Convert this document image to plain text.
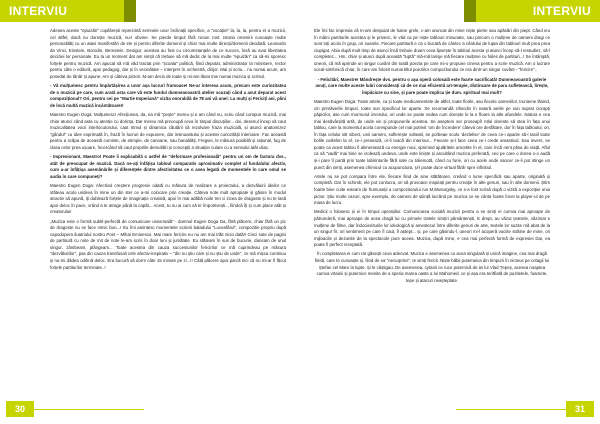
INTERVIU

Adesea aceste "epuizări" copilărești reprezintă semnele unor înclinații specifice, a "vocației" la, la, la, pentru el a muzicii, cel altfel, dacă nu dorește muzică, nu-l obvine. Se pierde timpul fără niciun rost. Istoria omenirii cunoaște multe personalități cu un atavi manifestări de ele și pentru diferite domenii și chiar mai multe direcții/domenii deodată: Leonardo da Vinci, Einstein, Borodin, Bernstein. Desigur, acestea au fost cu circumstanțele de ce succes, însă au avut libertatea deciziei lor personale. Eu la un moment dat am simțit că trebuie să mă dedic de la mai multe "epuizări" ca să-mi sporesc forțele pentru muzică. Am apucat să mă văd tractat prin "școala" politică, fiind deputat, administrator la ministere, rector pentru câte o editură, apoi pedagog, dar și în vecinătate – interpret în orchestră, dirijor. Mai și scriu... nu numai acum, am posedat de tânăr și apune. Am și câteva pictori. M-am decis de toate și mi-am lăsat mie numai muzica și scrisul.

- Vă mulțumesc pentru împărtășirea a unor așa lucruri frumoase! Ne-ar interesa acum, precum este curiozitatea de o muzică pe care, cum arată asta care vă este fundul dumneavoastră atelier scuzați când a avut deparat acest compozițional? Ori, pentru cei pe "Martie Imperiană" vizita onorabilă de 78 ani vă unei: La mulți și Fericiți ani, plini de încă multă muzică încântătoare!!

Maestro Eugen Doga: Mulțumesc! Afecțiunea, da, ea mă "pește" mereu și e am când eu, scriu când compun muzică, mai chiar atunci când asta cu atenție cu dorința. Dar mereu mă preocupă ceva în timpul discuțiilor... doi, desenul încep să caut muzicalitatea vocii interlocutorului, caut ritmul și dinamica căutării să rezolvare fraza muzicală, și atunci anatomizez "gândul" cu idee exprimată în, frază în lucruri de expunere, dar insinuantului și acestei curiozității interioare. Fac această pentru a scăpa de această cuminte, de etimpie, de canoane, sau banalități. Fregvie, le măsura posibilă și rațional, fug de clasa celor prea ușoare, încercând să caut propriile demultări și concepții a situației culare cu a sensului atât uliac.

- Impresionant, Maestro! Poate îi explicabilă o astfel de "deformare profesională" pentru un om de factura dvs., atât de preocupat de muzică. Dacă ne-ați înfățișa tabloul comparativ aproximativ complet al fundalului afectiv, cum a-ar înfățișa asemănările și diferențele dintre afectivitatea ce o avea legată de momentele în care omul se audia în care compuneți?

Maestro Eugen Doga: Afectivul creștere progresiv odată cu măsura de realizare a proiectului, a dezvăluirii ideilor ce stăteau acolo undeva în mine un din ster ce a-mi colocare prin creație. Câteva note mult apropiate și găsire în modul atractiv să apună, iți dublează forțele de imaginație creativă, apoi în mai adăbă noile trei ci zicea de dragoste și nu te lasă apoi deloc în pace, vrând a te atrage până la capăt... Acest, tu nu ai cum să te împotrivești... fiindcă îți și cum place atât și creatorului!

„Muzica este o formă subtil-perfectă de comunicare universală" - domnul Eugen Doga Da, fără plăcere, chiar fără un pic de dragoste nu se face nimic bun...! Eu îmi amintesc momentele scrierii baladului "Luceafărul", compozitie propriu după capodopera iluatriului nostru Poet – Mihai Eminescu. Mai mare fericire eu nu am mai trăit nicio dată!! Cinci sute de pagini de partitură cu note de mit de note le-am scris în doar luni și jumătate. Eu stăteam în sus de bucurie, dansam de unul singur, zâmbeam, plângeam... Toate acestea din cauza succesiunilor fericirilor ce mă cuprindeau pe măsura "dezvăluirilor", pas din cauza transfusali cele afectiv-inspirativ – "din nu știu care și nu știu de unde", ce mă mișca continuu și nu-mi dădea odihnă deloc. Era bucură să dorm câte 15 minute pe zi...!! Câtă plăcere apoi parcă nici că nu mi-ar fi făcut forțele partiturilor terminate..!

30
INTERVIU

Ele îmi fac impresia că m-am despuiat de haine grele, c-am aruncat din mine niște pietre sau apăsări din piept. Când ieu în mâini partiturile acestea și le privesc, le văd ca pe niște tablouri minunate, sau precum o mulțime de oameni dragi ce sunt toți acolo în grup, ori soarele. Fiecare partitură e ca o bucată de cântec a cântului de lupta din tablouri mult prea prea ciupigat. Abia după mult timp de atunci încă trebuie doarn ceva lipsește în tabloul acesta și atunci încep să-l restudiez, să-l completez... Hm, chiar și atunci după aceastā "luptă" mă-mă larisje mă fiecare mulțime cu foiles de partituri...! Se întâmplă, uneori, că mă aprinde un singur cuvânt din toată poezia pe care mi-o propune cineva pentru a scrie muzică. Am o lucrare vocal-simfonică chiar, în care am folosit numai titlul poeziilor compozitorului ce era dintr-un singur cuvânt - "fericire"..

- Felicitări, Maestre! Mândrește dvs. pentru o așa operă colosală este foarte sacrificată! Dumneavoastră galerie avuți, care multe aceste luări considerați că de ce mai eficientă art-terapie, distincare de para sufletească, lirește, împăciure cu sine, și pare poate implica ție dum. spiritual mai mult?

Maestro Eugen Doga: Toate artele, ca și toate medicamentele de altfel, toate florile, asu fiecele oamenilor, trunieme lăsind, cin primăverile timpuri, toate sun specificul lor aparte. Se recomandă zilnicdin în natură aerile pe sun suprat ciorapți păpicilor, ase cum murmurul izvorului, ori unde se poate vedea cum dorește le la e floare la atle afundele. Natura e cea mai desăvârșită artă, de unde vin și propunerile acestea. Se aseptem ser proseapî! Atlul doreste să stea în fața unui tablou, care la momentul acela corespunde cel mai potrivit ’om de încredere’ câteva ore desfătare, dor în fața tabloului; ori, în fața celului sitt sibect, unii oameni, suflerește volteatl, se porbeae sculo ’dezlelise’ de ceea ce-i apacle să-i tasiil toate bolile cuiltelim la el, ce-i presează, or-li toacă din interiour... Fiecare și-l face ceea ce-i crede amasticul. Sau invers, se poate ca acest tablou îl alimentează cu energie noui, sprimind ajutăritele amortite în el, care încă nent plina de viață. Aflul ca să "vadă" mai bine se izolează undeva, unde este liniște și ascultând muzica preferată, ceo pe care o dorea o-o audă și-i pare îl purtă prin toate labirinturile fără sale cu toliemotă, când cu furie, ori cu acele unde sancer ce-li pot stinge un punct din simți, asemenea chimicul cu acupunctura, și-l poate duce virtual fără! spre infinitiul.

Artele nu se pot compara între ele, fiecare fiind de sine stătătoare, creând o lume specifică sau aparte, originală și completă. Dar în schimb, ele pot conlucra, ori să provoace inspirați pentru creație în alte genuri, sau în alte domenii. Știm foarte bine cuite exteam de frumuseții a compozitorului rus M.Musorgsky, ce s-a fost scrisă după o vizită a expoziției unui pictor. Știu multe cazuri, spre exemplu, de oameni de știință lucrând pe muzica ce se cânta foarte încet la player-ul de pe masa de lucru.

Medicii o folosesc și ei în timpul operațiilor. Comunicarea socială muzicii pentru a se simți ei cumva mai aproape de pătrunderă, mai aproape de acea dragă lui cu primele tratele simțiri pământenști. E drept, au văzut țeatrele, văzimat e mulțime de filme, dar îndocieniturile lor ideologică și amestecul între diferite genuri de arte, textele lor suzite mă abat de la un singur fir, ori sentiment pe care îl caut, îl aștept... și, pe care găsindu-l, uneori mi-l acoperă vociite străine de mine, ori mijloacile și dezunite de la spectacole pure aceea. Muzica, după mine, e cea mai perfectă formă de expresiei Dar, ea poate fi perfect receptată.

În completarea ei cum rar găsești ceva adecvat. Muzica e asemenea cu acea singulară și unică imagine, cea mai dragă fiintă, care te cunoaște și, fiind de ea "necurprins", te simți fericit. Niște băbii putemeica din timpurii în nicteus pe cotagii lui Ștefan cel Mare la lupte. Și le câștigau. De asemenea, cytanii ce ruce puternică de iei lui Vlad Țepeș, acesea noaptea cumva vrtainii și puternice menite de a speria marea oaste a lui Mahomed, ce și așa era teritfiată de puzitetele, foamete, tepe și atacuri neașteptate.

31
